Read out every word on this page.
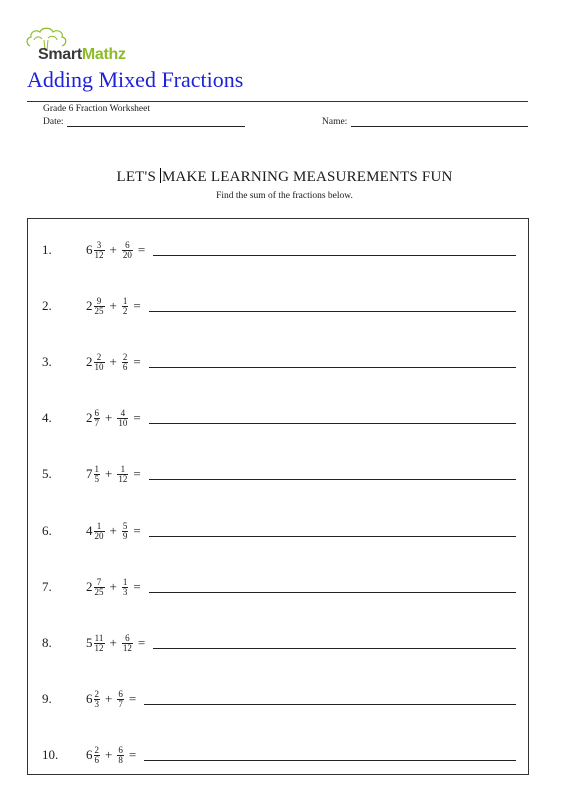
SmartMathz
Adding Mixed Fractions
Grade 6 Fraction Worksheet
Date:	Name:
LET'S MAKE LEARNING MEASUREMENTS FUN
Find the sum of the fractions below.
1.	$6 \frac{3}{12} + \frac{6}{20}$ =
2.	$2 \frac{9}{25} + \frac{1}{2}$ =
3.	$2 \frac{2}{10} + \frac{2}{6}$ =
4.	$2 \frac{6}{7} + \frac{4}{10}$ =
5.	$7 \frac{1}{5} + \frac{1}{12}$ =
6.	$4 \frac{1}{20} + \frac{5}{9}$ =
7.	$2 \frac{7}{25} + \frac{1}{3}$ =
8.	$5 \frac{11}{12} + \frac{6}{12}$ =
9.	$6 \frac{2}{3} + \frac{6}{7}$ =
10. $6 \frac{2}{6} + \frac{6}{8}$ =
